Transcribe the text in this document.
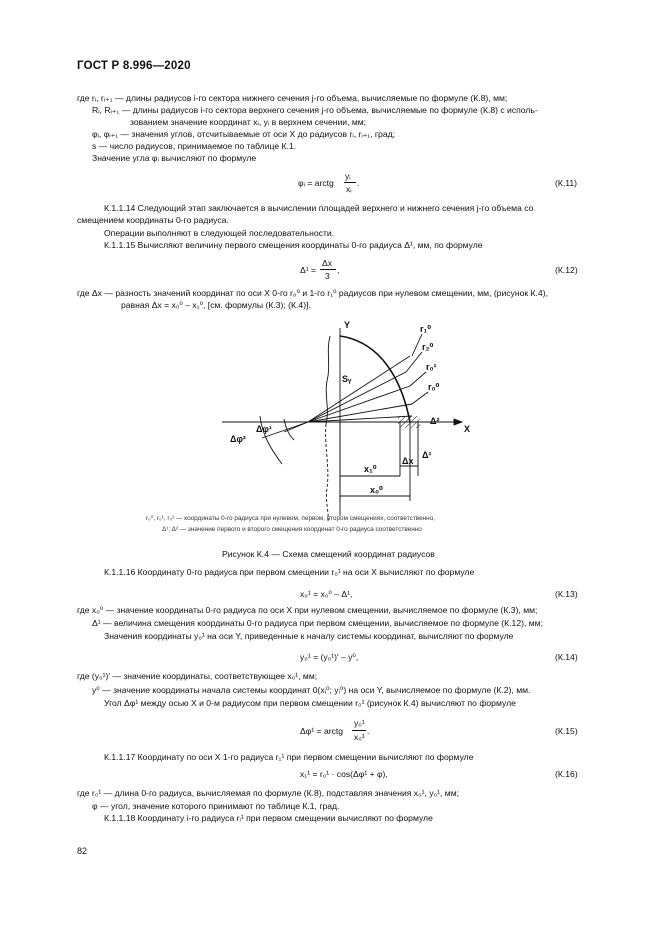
ГОСТ Р 8.996—2020
где rᵢ, rᵢ₊₁ — длины радиусов i-го сектора нижнего сечения j-го объема, вычисляемые по формуле (К.8), мм;
Rᵢ, Rᵢ₊₁ — длины радиусов i-го сектора верхнего сечения j-го объема, вычисляемые по формуле (К.8) с исполь-
зованием значение координат xᵢ, yᵢ в верхнем сечении, мм;
φᵢ, φᵢ₊₁ — значения углов, отсчитываемые от оси X до радиусов rᵢ, rᵢ₊₁, град;
s — число радиусов, принимаемое по таблице К.1.
Значение угла φᵢ вычисляют по формуле
φᵢ = arctg
yᵢ
xᵢ
.	(К.11)
К.1.1.14 Следующий этап заключается в вычислении площадей верхнего и нижнего сечения j-го объема со
смещением координаты 0-го радиуса.
Операции выполняют в следующей последовательности.
К.1.1.15 Вычисляют величину первого смещения координаты 0-го радиуса Δ¹, мм, по формуле
Δ¹ =
Δx
3
,	(К.12)
где Δx — разность значений координат по оси X 0-го r₀⁰ и 1-го r₁⁰ радиусов при нулевом смещении, мм, (рисунок К.4),
равная Δx = x₀⁰ – x₁⁰, [см. формулы (К.3); (К.4)].
Y
X
Sᵧ
r₁⁰
r₂⁰
r₀¹
r₀⁰
Δ²
Δ¹
Δx
x₁⁰
x₀⁰
Δφ²
Δφ¹
r₀⁰, r₀¹, r₀² — координаты 0-го радиуса при нулевом, первом, втором смещениях, соответственно,
Δ¹; Δ² — значение первого и второго смещения координат 0-го радиуса соответственно
Рисунок К.4 — Схема смещений координат радиусов
К.1.1.16 Координату 0-го радиуса при первом смещении r₀¹ на оси X вычисляют по формуле
x₀¹ = x₀⁰ – Δ¹,	(К.13)
где x₀⁰ — значение координаты 0-го радиуса по оси X при нулевом смещении, вычисляемое по формуле (К.3), мм;
Δ¹ — величина смещения координаты 0-го радиуса при первом смещении, вычисляемое по формуле (К.12), мм;
Значения координаты y₀¹ на оси Y, приведенные к началу системы координат, вычисляют по формуле
y₀¹ = (y₀¹)′ – y⁰,	(К.14)
где (y₀¹)′ — значение координаты, соответствующее x₀¹, мм;
y⁰ — значение координаты начала системы координат 0(xᵢ⁰; yᵢ⁰) на оси Y, вычисляемое по формуле (К.2), мм.
Угол Δφ¹ между осью X и 0-м радиусом при первом смещении r₀¹ (рисунок К.4) вычисляют по формуле
Δφ¹ = arctg
y₀¹
x₀¹
.	(К.15)
К.1.1.17 Координату по оси X 1-го радиуса r₁¹ при первом смещении вычисляют по формуле
x₁¹ = r₀¹ · cos(Δφ¹ + φ),	(К.16)
где r₀¹ — длина 0-го радиуса, вычисляемая по формуле (К.8), подставляя значения x₀¹, y₀¹, мм;
φ — угол, значение которого принимают по таблице К.1, град.
К.1.1.18 Координату i-го радиуса rᵢ¹ при первом смещении вычисляют по формуле
82
